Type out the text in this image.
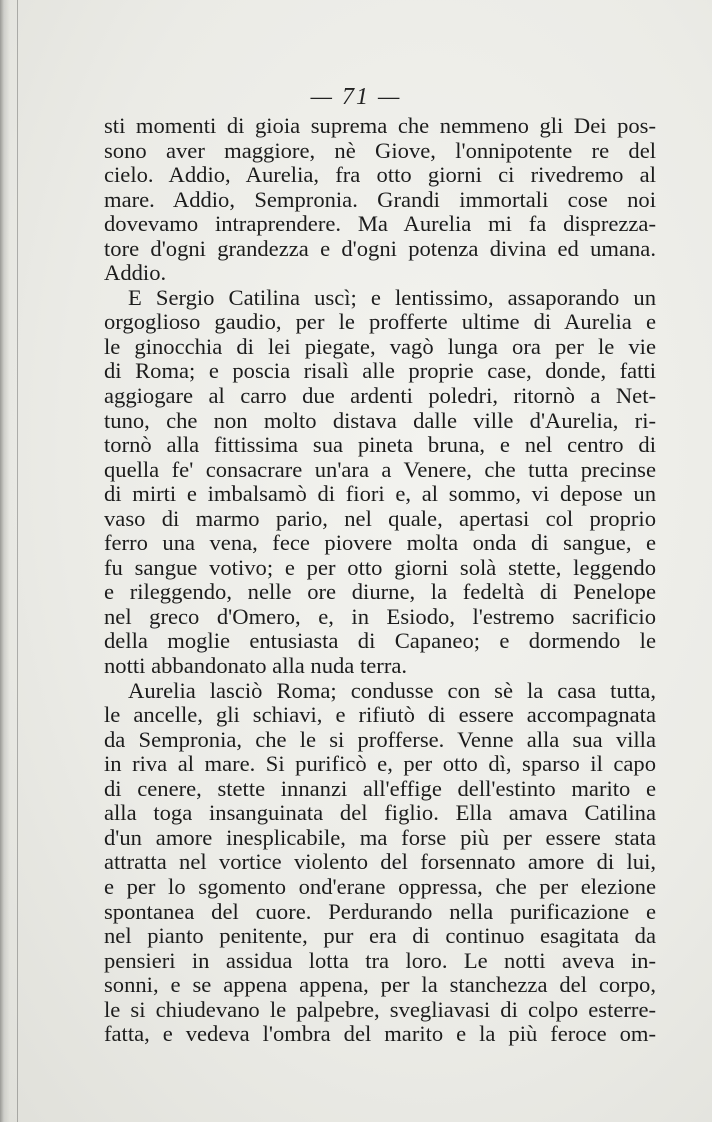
— 71 —
sti momenti di gioia suprema che nemmeno gli Dei pos-
sono aver maggiore, nè Giove, l'onnipotente re del
cielo. Addio, Aurelia, fra otto giorni ci rivedremo al
mare. Addio, Sempronia. Grandi immortali cose noi
dovevamo intraprendere. Ma Aurelia mi fa disprezza-
tore d'ogni grandezza e d'ogni potenza divina ed umana.
Addio.
E Sergio Catilina uscì; e lentissimo, assaporando un
orgoglioso gaudio, per le profferte ultime di Aurelia e
le ginocchia di lei piegate, vagò lunga ora per le vie
di Roma; e poscia risalì alle proprie case, donde, fatti
aggiogare al carro due ardenti poledri, ritornò a Net-
tuno, che non molto distava dalle ville d'Aurelia, ri-
tornò alla fittissima sua pineta bruna, e nel centro di
quella fe' consacrare un'ara a Venere, che tutta precinse
di mirti e imbalsamò di fiori e, al sommo, vi depose un
vaso di marmo pario, nel quale, apertasi col proprio
ferro una vena, fece piovere molta onda di sangue, e
fu sangue votivo; e per otto giorni solà stette, leggendo
e rileggendo, nelle ore diurne, la fedeltà di Penelope
nel greco d'Omero, e, in Esiodo, l'estremo sacrificio
della moglie entusiasta di Capaneo; e dormendo le
notti abbandonato alla nuda terra.
Aurelia lasciò Roma; condusse con sè la casa tutta,
le ancelle, gli schiavi, e rifiutò di essere accompagnata
da Sempronia, che le si profferse. Venne alla sua villa
in riva al mare. Si purificò e, per otto dì, sparso il capo
di cenere, stette innanzi all'effige dell'estinto marito e
alla toga insanguinata del figlio. Ella amava Catilina
d'un amore inesplicabile, ma forse più per essere stata
attratta nel vortice violento del forsennato amore di lui,
e per lo sgomento ond'erane oppressa, che per elezione
spontanea del cuore. Perdurando nella purificazione e
nel pianto penitente, pur era di continuo esagitata da
pensieri in assidua lotta tra loro. Le notti aveva in-
sonni, e se appena appena, per la stanchezza del corpo,
le si chiudevano le palpebre, svegliavasi di colpo esterre-
fatta, e vedeva l'ombra del marito e la più feroce om-
